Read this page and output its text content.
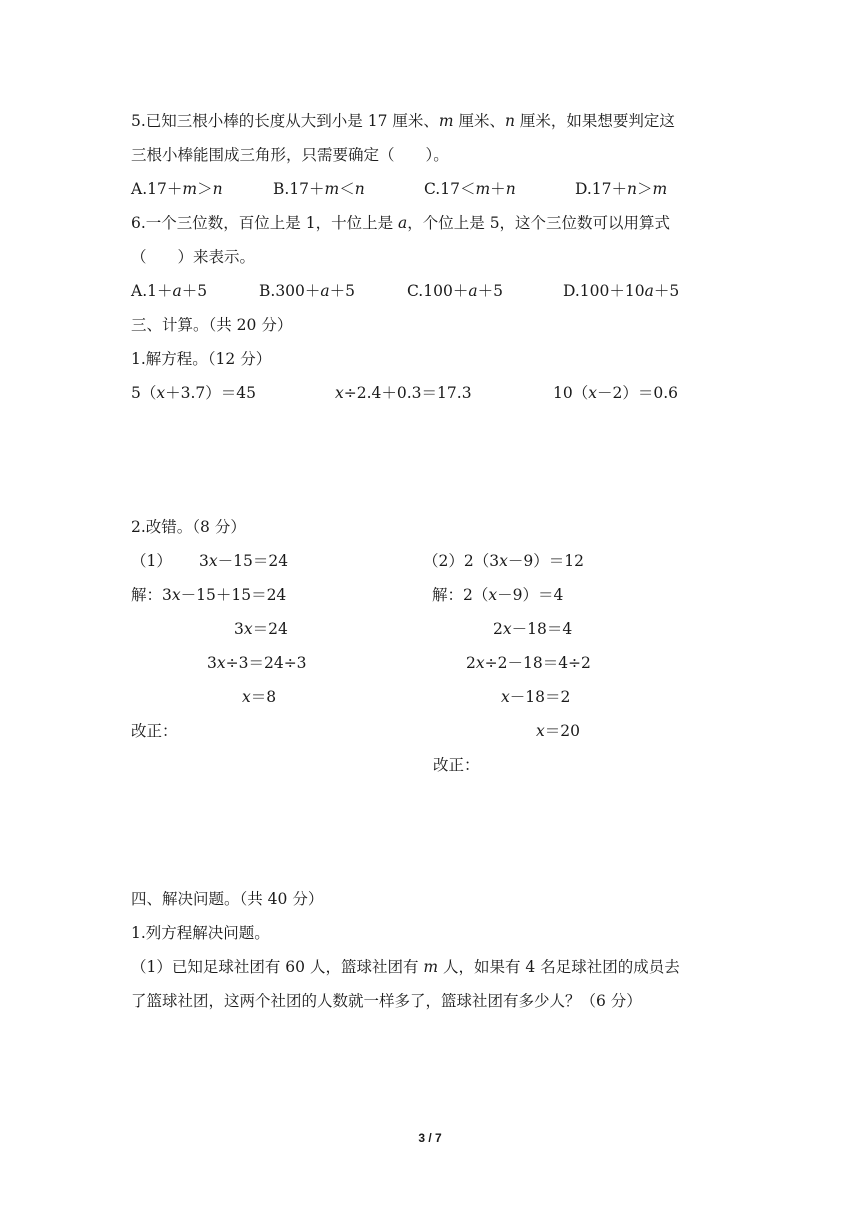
5.已知三根小棒的长度从大到小是 17 厘米、m 厘米、n 厘米，如果想要判定这
三根小棒能围成三角形，只需要确定（　　）。
A.17＋m＞n	B.17＋m＜n	C.17＜m＋n	D.17＋n＞m
6.一个三位数，百位上是 1，十位上是 a，个位上是 5，这个三位数可以用算式
（　　）来表示。
A.1＋a＋5	B.300＋a＋5	C.100＋a＋5	D.100＋10a＋5
三、计算。（共 20 分）
1.解方程。（12 分）
5（x＋3.7）＝45	x÷2.4＋0.3＝17.3	10（x－2）＝0.6
2.改错。（8 分）
（1） 3x－15＝24
解：3x－15＋15＝24
3x＝24
3x÷3＝24÷3
x＝8
改正：
（2）2（3x－9）＝12
解：2（x－9）＝4
2x－18＝4
2x÷2－18＝4÷2
x－18＝2
x＝20
改正：
四、解决问题。（共 40 分）
1.列方程解决问题。
（1）已知足球社团有 60 人，篮球社团有 m 人，如果有 4 名足球社团的成员去
了篮球社团，这两个社团的人数就一样多了，篮球社团有多少人？（6 分）
3 / 7
